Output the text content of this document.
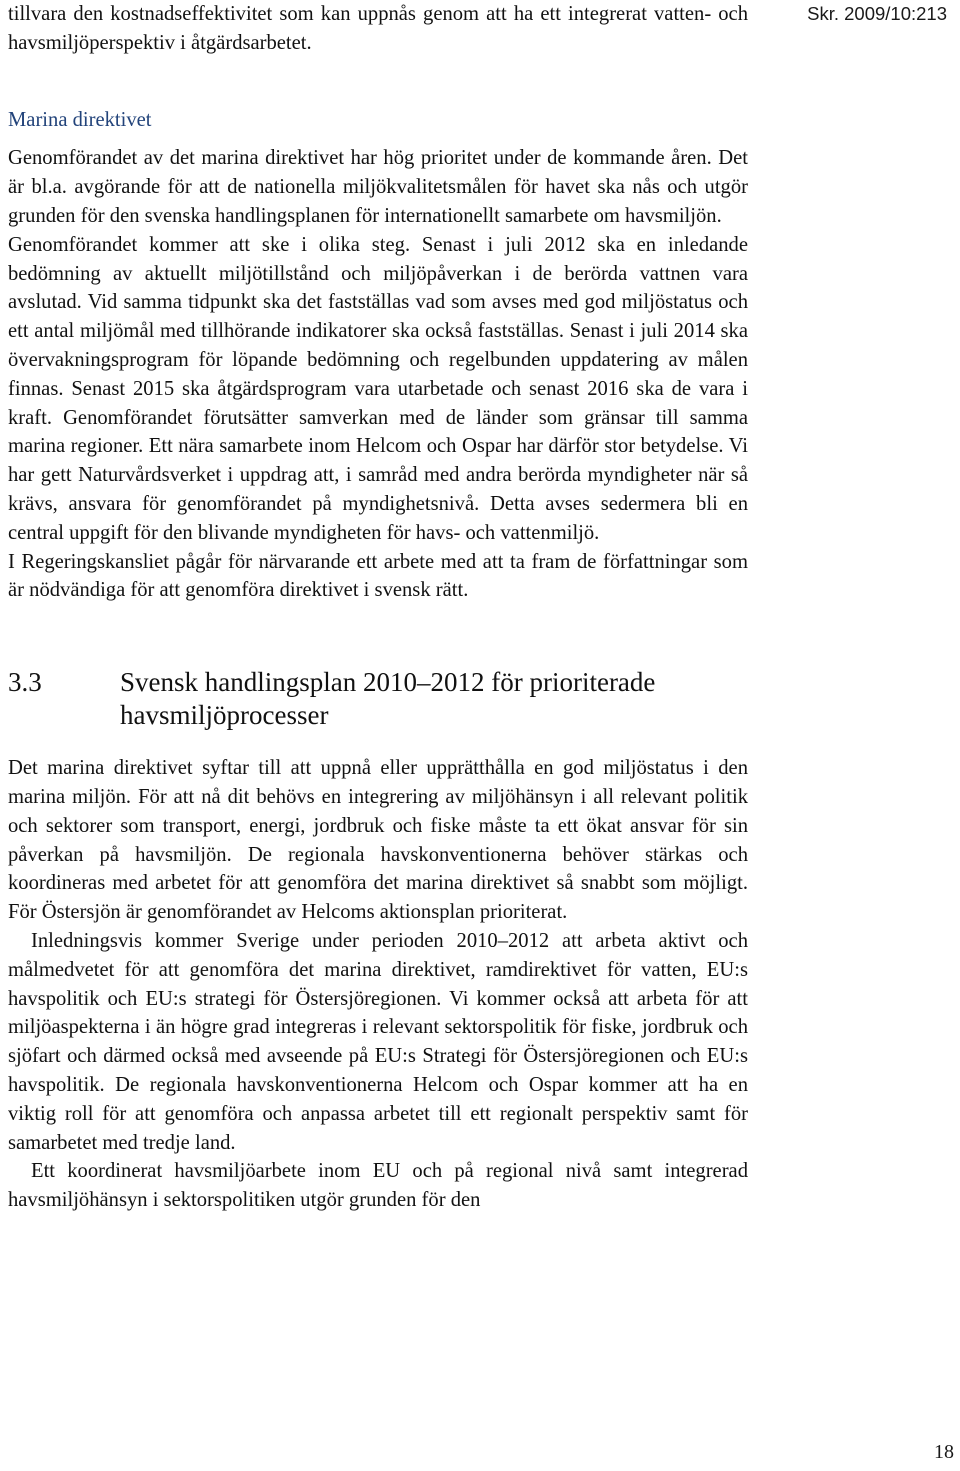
Skr. 2009/10:213

tillvara den kostnadseffektivitet som kan uppnås genom att ha ett integrerat vatten- och havsmiljöperspektiv i åtgärdsarbetet.

Marina direktivet

Genomförandet av det marina direktivet har hög prioritet under de kommande åren. Det är bl.a. avgörande för att de nationella miljökvalitetsmålen för havet ska nås och utgör grunden för den svenska handlingsplanen för internationellt samarbete om havsmiljön.

Genomförandet kommer att ske i olika steg. Senast i juli 2012 ska en inledande bedömning av aktuellt miljötillstånd och miljöpåverkan i de berörda vattnen vara avslutad. Vid samma tidpunkt ska det fastställas vad som avses med god miljöstatus och ett antal miljömål med tillhörande indikatorer ska också fastställas. Senast i juli 2014 ska övervakningsprogram för löpande bedömning och regelbunden uppdatering av målen finnas. Senast 2015 ska åtgärdsprogram vara utarbetade och senast 2016 ska de vara i kraft. Genomförandet förutsätter samverkan med de länder som gränsar till samma marina regioner. Ett nära samarbete inom Helcom och Ospar har därför stor betydelse. Vi har gett Naturvårdsverket i uppdrag att, i samråd med andra berörda myndigheter när så krävs, ansvara för genomförandet på myndighetsnivå. Detta avses sedermera bli en central uppgift för den blivande myndigheten för havs- och vattenmiljö.

I Regeringskansliet pågår för närvarande ett arbete med att ta fram de författningar som är nödvändiga för att genomföra direktivet i svensk rätt.

3.3	Svensk handlingsplan 2010–2012 för prioriterade havsmiljöprocesser

Det marina direktivet syftar till att uppnå eller upprätthålla en god miljöstatus i den marina miljön. För att nå dit behövs en integrering av miljöhänsyn i all relevant politik och sektorer som transport, energi, jordbruk och fiske måste ta ett ökat ansvar för sin påverkan på havsmiljön. De regionala havskonventionerna behöver stärkas och koordineras med arbetet för att genomföra det marina direktivet så snabbt som möjligt. För Östersjön är genomförandet av Helcoms aktionsplan prioriterat.

Inledningsvis kommer Sverige under perioden 2010–2012 att arbeta aktivt och målmedvetet för att genomföra det marina direktivet, ramdirektivet för vatten, EU:s havspolitik och EU:s strategi för Östersjöregionen. Vi kommer också att arbeta för att miljöaspekterna i än högre grad integreras i relevant sektorspolitik för fiske, jordbruk och sjöfart och därmed också med avseende på EU:s Strategi för Östersjöregionen och EU:s havspolitik. De regionala havskonventionerna Helcom och Ospar kommer att ha en viktig roll för att genomföra och anpassa arbetet till ett regionalt perspektiv samt för samarbetet med tredje land.

Ett koordinerat havsmiljöarbete inom EU och på regional nivå samt integrerad havsmiljöhänsyn i sektorspolitiken utgör grunden för den

18
